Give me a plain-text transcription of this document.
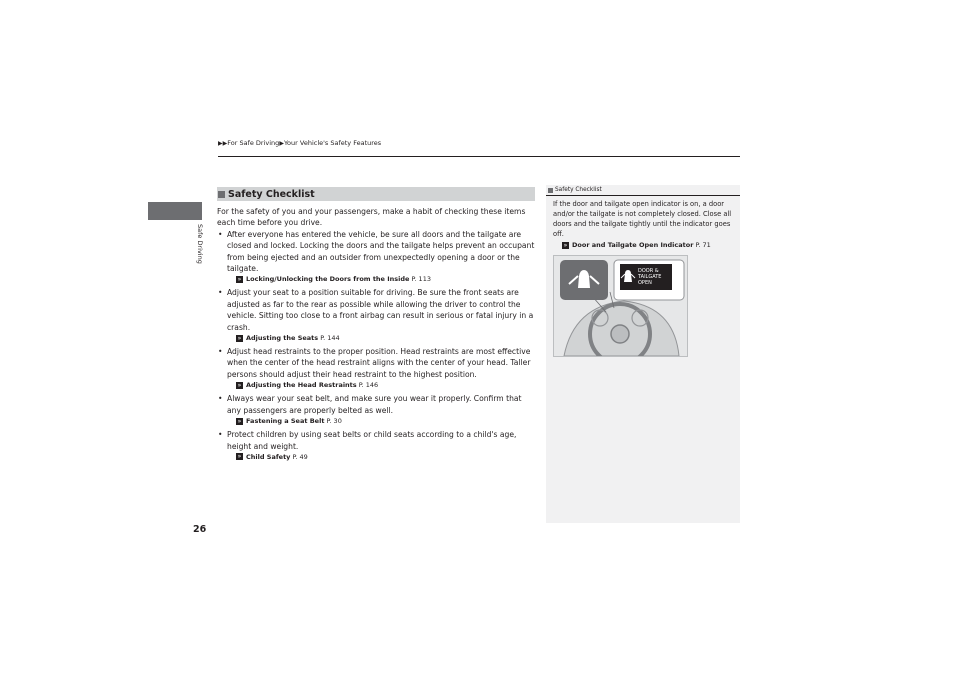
▶▶For Safe Driving▶Your Vehicle's Safety Features
Safe Driving
26
Safety Checklist
For the safety of you and your passengers, make a habit of checking these items each time before you drive.
• After everyone has entered the vehicle, be sure all doors and the tailgate are closed and locked. Locking the doors and the tailgate helps prevent an occupant from being ejected and an outsider from unexpectedly opening a door or the tailgate.
» Locking/Unlocking the Doors from the Inside P. 113
• Adjust your seat to a position suitable for driving. Be sure the front seats are adjusted as far to the rear as possible while allowing the driver to control the vehicle. Sitting too close to a front airbag can result in serious or fatal injury in a crash.
» Adjusting the Seats P. 144
• Adjust head restraints to the proper position. Head restraints are most effective when the center of the head restraint aligns with the center of your head. Taller persons should adjust their head restraint to the highest position.
» Adjusting the Head Restraints P. 146
• Always wear your seat belt, and make sure you wear it properly. Confirm that any passengers are properly belted as well.
» Fastening a Seat Belt P. 30
• Protect children by using seat belts or child seats according to a child's age, height and weight.
» Child Safety P. 49
Safety Checklist
If the door and tailgate open indicator is on, a door and/or the tailgate is not completely closed. Close all doors and the tailgate tightly until the indicator goes off.
» Door and Tailgate Open Indicator P. 71
DOOR &
TAILGATE
OPEN
